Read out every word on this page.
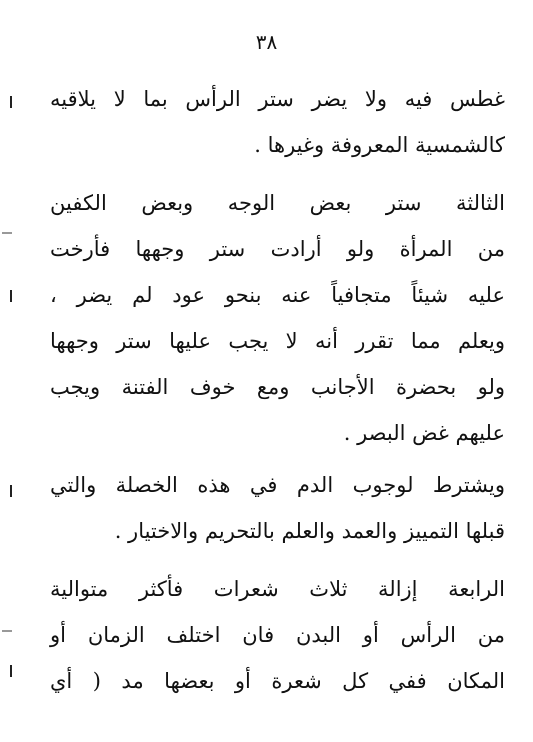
٣٨
غطس فيه ولا يضر ستر الرأس بما لا يلاقيه
كالشمسية المعروفة وغيرها .
الثالثة ستر بعض الوجه وبعض الكفين
من المرأة ولو أرادت ستر وجهها فأرخت
عليه شيئاً متجافياً عنه بنحو عود لم يضر ،
ويعلم مما تقرر أنه لا يجب عليها ستر وجهها
ولو بحضرة الأجانب ومع خوف الفتنة ويجب
عليهم غض البصر .
ويشترط لوجوب الدم في هذه الخصلة والتي
قبلها التمييز والعمد والعلم بالتحريم والاختيار .
الرابعة إزالة ثلاث شعرات فأكثر متوالية
من الرأس أو البدن فان اختلف الزمان أو
المكان ففي كل شعرة أو بعضها مد ( أي
